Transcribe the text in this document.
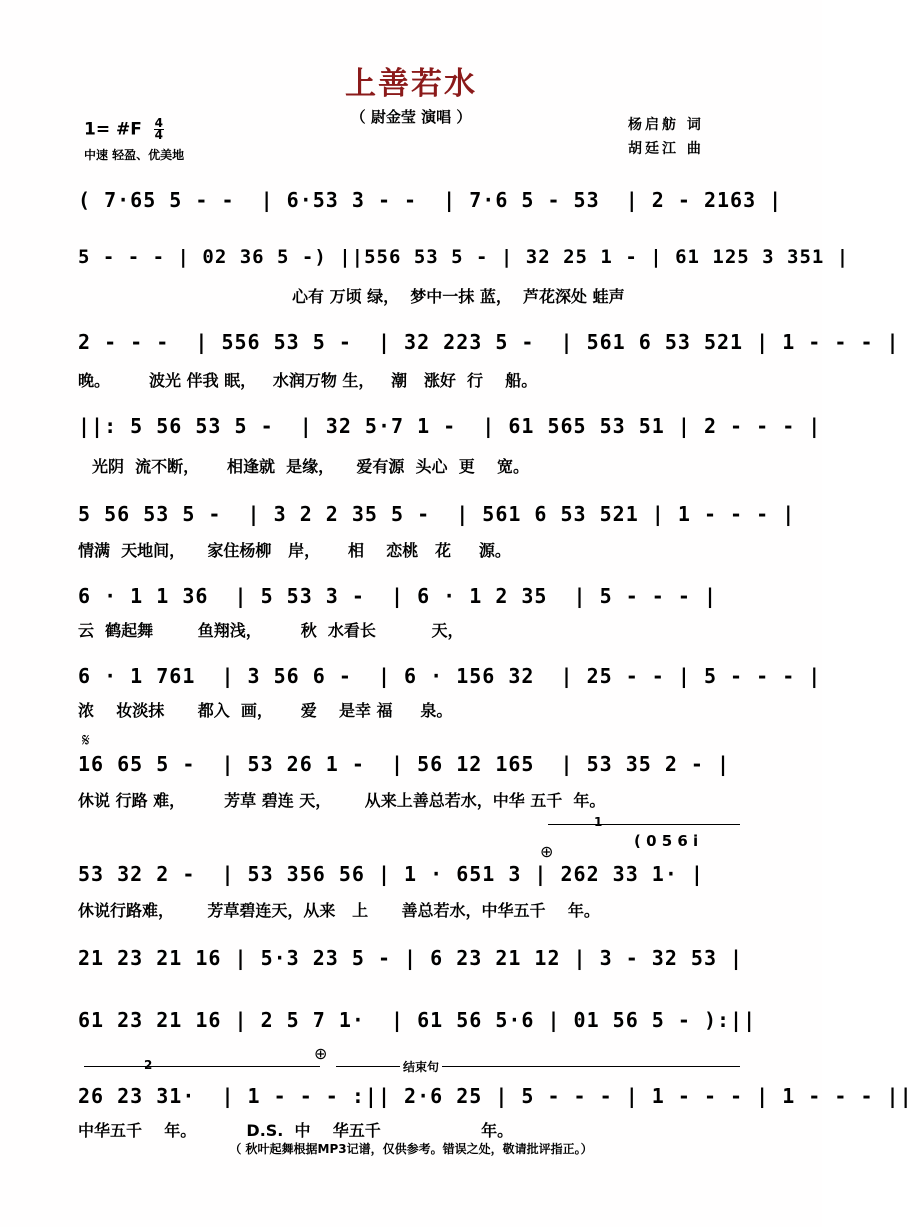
上善若水
（ 尉金莹 演唱 ）
1= #F $\frac{4}{4}$
中速 轻盈、优美地
杨启舫 词
胡廷江 曲
( 7·65 5 - -  | 6·53 3 - -  | 7·6 5 - 53  | 2 - 2163 |
5 - - - | 02 36 5 -) ||556 53 5 - | 32 25 1 - | 61 125 3 351 |
心有 万顷 绿，  梦中一抹 蓝，  芦花深处 蛙声
2 - - -  | 556 53 5 -  | 32 223 5 -  | 561 6 53 521 | 1 - - - |
晚。       波光 伴我 眠，   水润万物 生，   潮   涨好  行    船。
||: 5 56 53 5 -  | 32 5·7 1 -  | 61 565 53 51 | 2 - - - |
光阴  流不断，     相逢就  是缘，    爱有源  头心  更    宽。
5 56 53 5 -  | 3 2 2 35 5 -  | 561 6 53 521 | 1 - - - |
情满  天地间，    家住杨柳   岸，     相    恋桃   花     源。
6 · 1 1 36  | 5 53 3 -  | 6 · 1 2 35  | 5 - - - |
云  鹤起舞        鱼翔浅，       秋  水看长          天，
6 · 1 761  | 3 56 6 -  | 6 · 156 32  | 25 - - | 5 - - - |
浓    妆淡抹      都入  画，     爱    是幸 福     泉。
𝄋
16 65 5 -  | 53 26 1 -  | 56 12 165  | 53 35 2 - |
休说 行路 难，       芳草 碧连 天，      从来上善总若水，中华 五千  年。
1
( 0 5 6 i
⊕
53 32 2 -  | 53 356 56 | 1 · 651 3 | 262 33 1· |
休说行路难，      芳草碧连天，从来   上      善总若水，中华五千    年。
21 23 21 16 | 5·3 23 5 - | 6 23 21 12 | 3 - 32 53 |
61 23 21 16 | 2 5 7 1·  | 61 56 5·6 | 01 56 5 - ):||
2
⊕
结束句
26 23 31·  | 1 - - - :|| 2·6 25 | 5 - - - | 1 - - - | 1 - - - ||
中华五千    年。         D.S.  中    华五千                  年。
（ 秋叶起舞根据MP3记谱，仅供参考。错误之处，敬请批评指正。）
